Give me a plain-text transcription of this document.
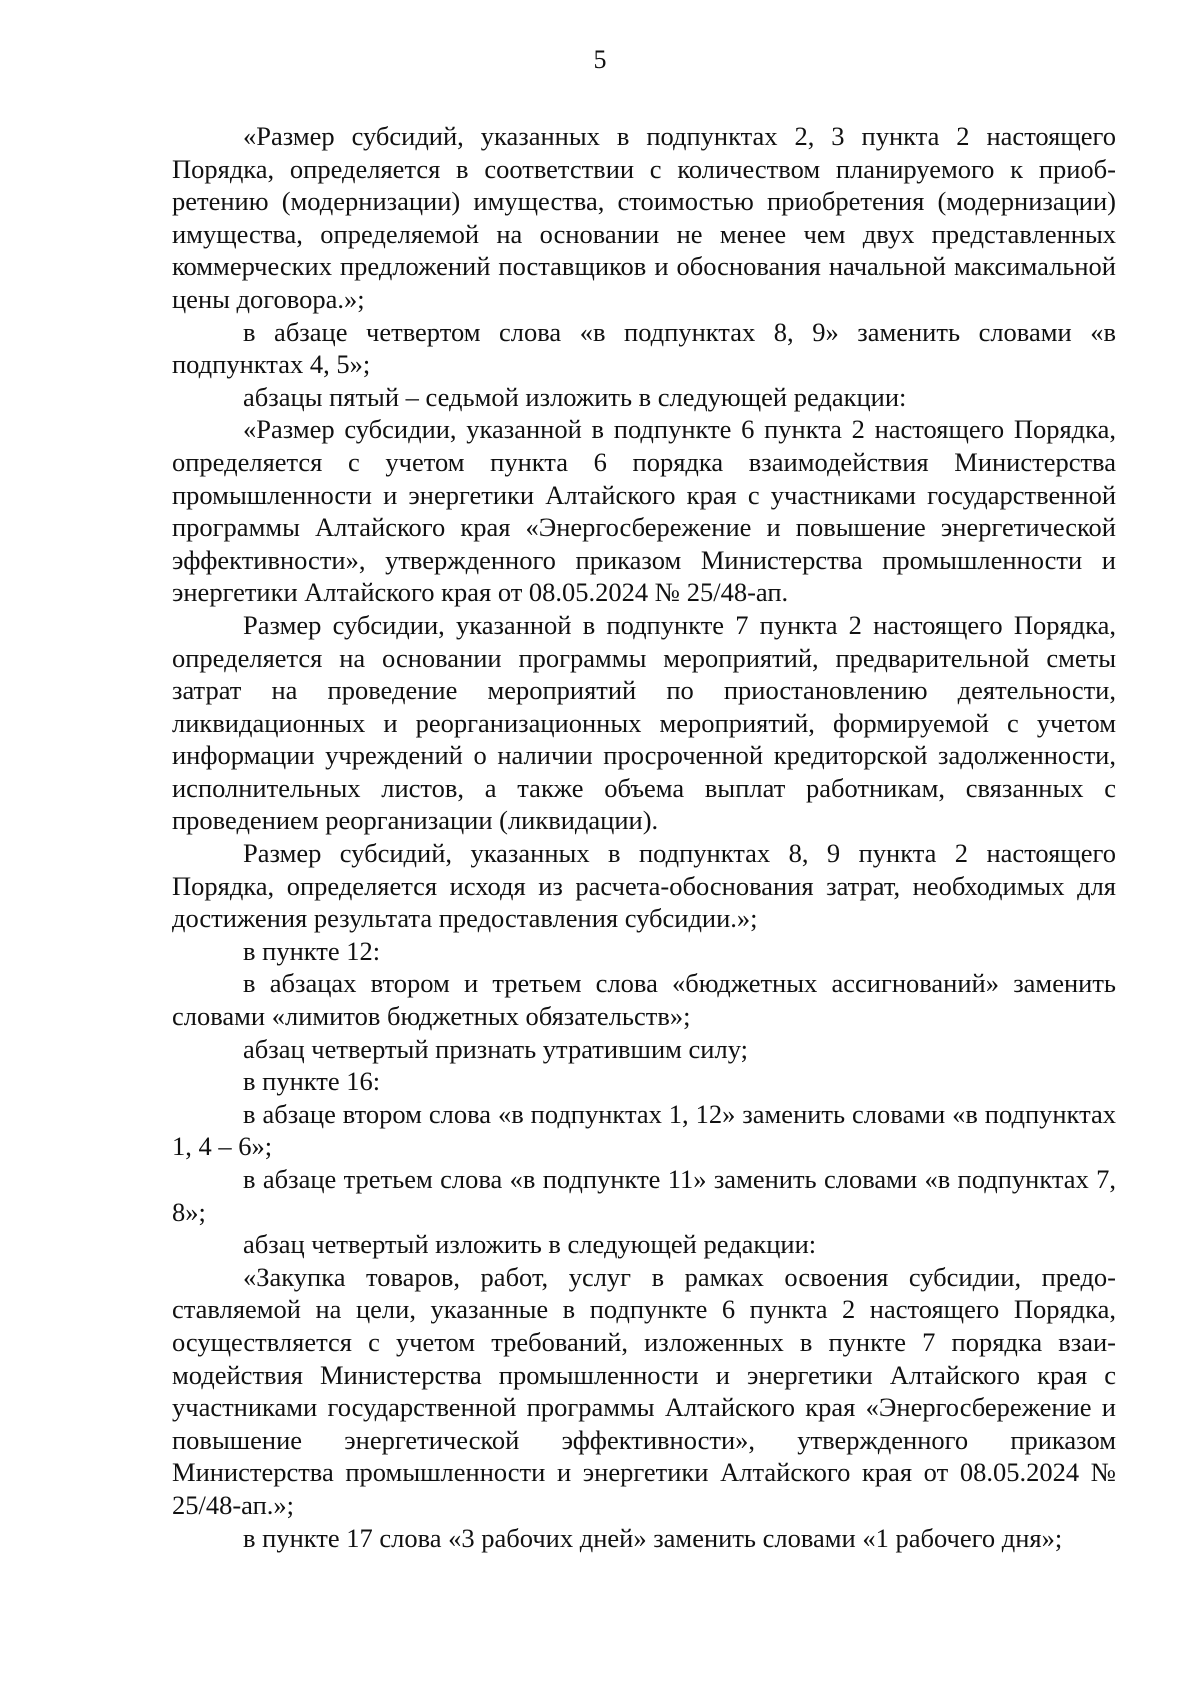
5

«Размер субсидий, указанных в подпунктах 2, 3 пункта 2 настоящего Порядка, определяется в соответствии с количеством планируемого к приобретению (модернизации) имущества, стоимостью приобретения (модернизации) имущества, определяемой на основании не менее чем двух представленных коммерческих предложений поставщиков и обоснования начальной максимальной цены договора.»;

в абзаце четвертом слова «в подпунктах 8, 9» заменить словами «в подпунктах 4, 5»;

абзацы пятый – седьмой изложить в следующей редакции:

«Размер субсидии, указанной в подпункте 6 пункта 2 настоящего Порядка, определяется с учетом пункта 6 порядка взаимодействия Министерства промышленности и энергетики Алтайского края с участниками государственной программы Алтайского края «Энергосбережение и повышение энергетической эффективности», утвержденного приказом Министерства промышленности и энергетики Алтайского края от 08.05.2024 № 25/48-ап.

Размер субсидии, указанной в подпункте 7 пункта 2 настоящего Порядка, определяется на основании программы мероприятий, предварительной сметы затрат на проведение мероприятий по приостановлению деятельности, ликвидационных и реорганизационных мероприятий, формируемой с учетом информации учреждений о наличии просроченной кредиторской задолженности, исполнительных листов, а также объема выплат работникам, связанных с проведением реорганизации (ликвидации).

Размер субсидий, указанных в подпунктах 8, 9 пункта 2 настоящего Порядка, определяется исходя из расчета-обоснования затрат, необходимых для достижения результата предоставления субсидии.»;

в пункте 12:

в абзацах втором и третьем слова «бюджетных ассигнований» заменить словами «лимитов бюджетных обязательств»;

абзац четвертый признать утратившим силу;

в пункте 16:

в абзаце втором слова «в подпунктах 1, 12» заменить словами «в подпунктах 1, 4 – 6»;

в абзаце третьем слова «в подпункте 11» заменить словами «в подпунктах 7, 8»;

абзац четвертый изложить в следующей редакции:

«Закупка товаров, работ, услуг в рамках освоения субсидии, предоставляемой на цели, указанные в подпункте 6 пункта 2 настоящего Порядка, осуществляется с учетом требований, изложенных в пункте 7 порядка взаимодействия Министерства промышленности и энергетики Алтайского края с участниками государственной программы Алтайского края «Энергосбережение и повышение энергетической эффективности», утвержденного приказом Министерства промышленности и энергетики Алтайского края от 08.05.2024 № 25/48-ап.»;

в пункте 17 слова «3 рабочих дней» заменить словами «1 рабочего дня»;
